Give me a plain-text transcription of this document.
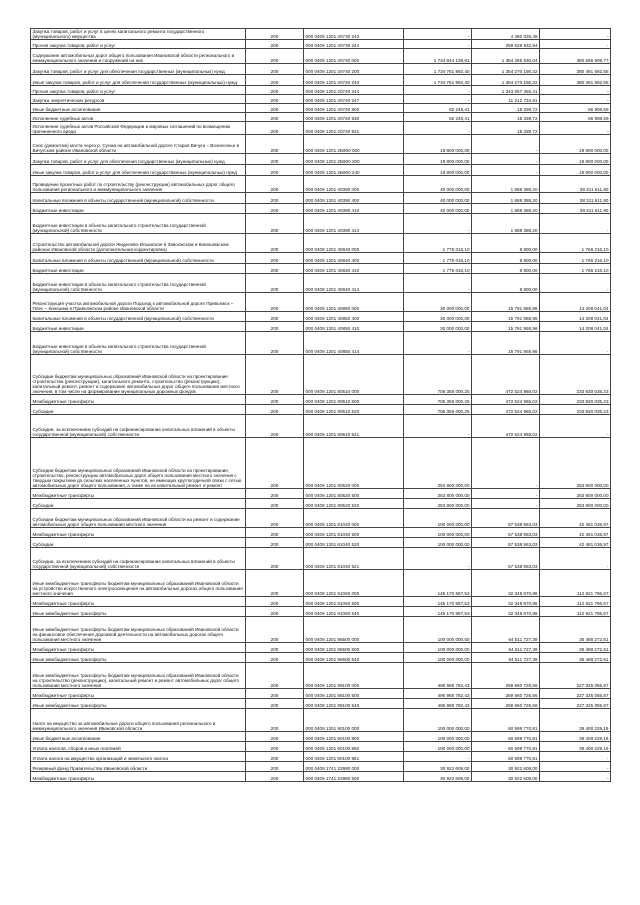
Закупка товаров, работ и услуг в целях капитального ремонта государственного (муниципального) имущества	200	000 0409 1201 20730 243	-	4 380 035,48	-
Прочая закупка товаров, работ и услуг	200	000 0409 1201 20730 244	-	259 628 932,94	-
Содержание автомобильных дорог общего пользования Ивановской области регионального и межмуниципального значения и сооружений на них	200	000 0409 1201 20740 000	1 734 844 139,81	1 354 285 530,04	380 558 609,77
Закупка товаров, работ и услуг для обеспечения государственных (муниципальных) нужд	200	000 0409 1201 20740 200	1 734 761 892,40	1 354 270 190,32	380 491 692,58
Иные закупки товаров, работ и услуг для обеспечения государственных (муниципальных) нужд	200	000 0409 1201 20740 240	1 734 761 892,40	1 354 270 190,32	380 491 692,58
Прочая закупка товаров, работ и услуг	200	000 0409 1201 20740 244	-	1 343 057 455,41	-
Закупка энергетических ресурсов	200	000 0409 1201 20740 247	-	11 212 734,91	-
Иные бюджетные ассигнования	200	000 0409 1201 20740 800	82 248,41	15 339,72	66 908,69
Исполнение судебных актов	200	000 0409 1201 20740 830	82 248,41	15 339,72	66 908,69
Исполнение судебных актов Российской Федерации и мировых соглашений по возмещению причиненного вреда	200	000 0409 1201 20740 831	-	15 339,72	-
Снос (демонтаж) моста через р. Сунжа на автомобильной дороге Старая Вичуга – Вознесенье в Вичугском районе Ивановской области	200	000 0409 1201 2Б900 000	19 800 000,00	-	19 800 000,00
Закупка товаров, работ и услуг для обеспечения государственных (муниципальных) нужд	200	000 0409 1201 2Б900 200	19 800 000,00	-	19 800 000,00
Иные закупки товаров, работ и услуг для обеспечения государственных (муниципальных) нужд	200	000 0409 1201 2Б900 240	19 800 000,00	-	19 800 000,00
Проведение проектных работ по строительству (реконструкции) автомобильных дорог общего пользования регионального и межмуниципального значения	200	000 0409 1201 40390 000	40 000 000,00	1 688 388,20	38 311 611,80
Капитальные вложения в объекты государственной (муниципальной) собственности	200	000 0409 1201 40390 400	40 000 000,00	1 688 388,20	38 311 611,80
Бюджетные инвестиции	200	000 0409 1201 40390 410	40 000 000,00	1 688 388,20	38 311 611,80
Бюджетные инвестиции в объекты капитального строительства государственной (муниципальной) собственности	200	000 0409 1201 40390 414	-	1 688 388,20	-
Строительство автомобильной дороги Жиделево-Ильинское в Заволжском и Кинешемском районах Ивановской области (дополнительная корректировка)	200	000 0409 1201 40840 000	1 775 016,10	8 800,00	1 766 216,10
Капитальные вложения в объекты государственной (муниципальной) собственности	200	000 0409 1201 40840 400	1 775 016,10	8 800,00	1 766 216,10
Бюджетные инвестиции	200	000 0409 1201 40840 410	1 775 016,10	8 800,00	1 766 216,10
Бюджетные инвестиции в объекты капитального строительства государственной (муниципальной) собственности	200	000 0409 1201 40840 414	-	8 800,00	-
Реконструкция участка автомобильной дороги Подъезд к автомобильной дороге Приволжск – Плес – Кинешма в Приволжском районе Ивановской области	200	000 0409 1201 40850 000	30 000 000,00	15 791 958,96	14 208 041,04
Капитальные вложения в объекты государственной (муниципальной) собственности	200	000 0409 1201 40850 400	30 000 000,00	15 791 958,96	14 208 041,04
Бюджетные инвестиции	200	000 0409 1201 40850 410	30 000 000,00	15 791 958,96	14 208 041,04
Бюджетные инвестиции в объекты капитального строительства государственной (муниципальной) собственности	200	000 0409 1201 40850 414	-	15 791 958,96	-
Субсидии бюджетам муниципальных образований Ивановской области на проектирование строительства (реконструкции), капитального ремонта, строительство (реконструкцию), капитальный ремонт, ремонт и содержание автомобильных дорог общего пользования местного значения, в том числе на формирование муниципальных дорожных фондов	200	000 0409 1201 80510 000	706 355 000,25	472 524 965,02	233 830 035,23
Межбюджетные трансферты	200	000 0409 1201 80510 500	706 355 000,25	472 524 965,02	233 830 035,23
Субсидии	200	000 0409 1201 80510 520	706 355 000,25	472 524 965,02	233 830 035,23
Субсидии, за исключением субсидий на софинансирование капитальных вложений в объекты государственной (муниципальной) собственности	200	000 0409 1201 80510 521	-	472 524 965,02	-
Субсидии бюджетам муниципальных образований Ивановской области на проектирование, строительство, реконструкцию автомобильных дорог общего пользования местного значения с твердым покрытием до сельских населенных пунктов, не имеющих круглогодичной связи с сетью автомобильных дорог общего пользования, а также на их капитальный ремонт и ремонт	200	000 0409 1201 80520 000	253 800 000,00	-	253 800 000,00
Межбюджетные трансферты	200	000 0409 1201 80520 500	253 800 000,00	-	253 800 000,00
Субсидии	200	000 0409 1201 80520 520	253 800 000,00	-	253 800 000,00
Субсидии бюджетам муниципальных образований Ивановской области на ремонт и содержание автомобильных дорог общего пользования местного значения	200	000 0409 1201 81040 000	100 000 000,00	57 538 963,03	42 461 036,97
Межбюджетные трансферты	200	000 0409 1201 81040 500	100 000 000,00	57 538 963,03	42 461 036,97
Субсидии	200	000 0409 1201 81040 520	100 000 000,00	57 538 963,03	42 461 036,97
Субсидии, за исключением субсидий на софинансирование капитальных вложений в объекты государственной (муниципальной) собственности	200	000 0409 1201 81040 521	-	57 538 963,03	-
Иные межбюджетные трансферты бюджетам муниципальных образований Ивановской области на устройство искусственного электроосвещения на автомобильных дорогах общего пользования местного значения	200	000 0409 1201 81060 000	145 170 667,53	32 348 870,86	112 821 796,67
Межбюджетные трансферты	200	000 0409 1201 81060 500	145 170 667,53	32 348 870,86	112 821 796,67
Иные межбюджетные трансферты	200	000 0409 1201 81060 540	145 170 667,53	32 348 870,86	112 821 796,67
Иные межбюджетные трансферты бюджетам муниципальных образований Ивановской области на финансовое обеспечение дорожной деятельности на автомобильных дорогах общего пользования местного значения	200	000 0409 1201 86500 000	100 000 000,00	64 511 727,39	35 488 272,61
Межбюджетные трансферты	200	000 0409 1201 86500 500	100 000 000,00	64 511 727,39	35 488 272,61
Иные межбюджетные трансферты	200	000 0409 1201 86500 540	100 000 000,00	64 511 727,39	35 488 272,61
Иные межбюджетные трансферты бюджетам муниципальных образований Ивановской области на строительство (реконструкцию), капитальный ремонт и ремонт автомобильных дорог общего пользования местного значения	200	000 0409 1201 89100 000	496 985 782,43	269 660 726,56	227 325 055,87
Межбюджетные трансферты	200	000 0409 1201 89100 500	496 985 782,43	269 660 726,56	227 325 055,87
Иные межбюджетные трансферты	200	000 0409 1201 89100 540	496 985 782,43	269 660 726,56	227 325 055,87
Налог на имущество за автомобильные дороги общего пользования регионального и межмуниципального значения Ивановской области	200	000 0409 1201 90100 000	100 000 000,00	60 599 770,81	39 400 229,19
Иные бюджетные ассигнования	200	000 0409 1201 90100 800	100 000 000,00	60 599 770,81	39 400 229,19
Уплата налогов, сборов и иных платежей	200	000 0409 1201 90100 850	100 000 000,00	60 599 770,81	39 400 229,19
Уплата налога на имущество организаций и земельного налога	200	000 0409 1201 90100 851	-	60 599 770,81	-
Резервный фонд Правительства Ивановской области	200	000 0409 1741 22980 000	30 922 609,00	30 922 609,00	-
Межбюджетные трансферты	200	000 0409 1741 22980 500	30 922 609,00	30 922 609,00	-
